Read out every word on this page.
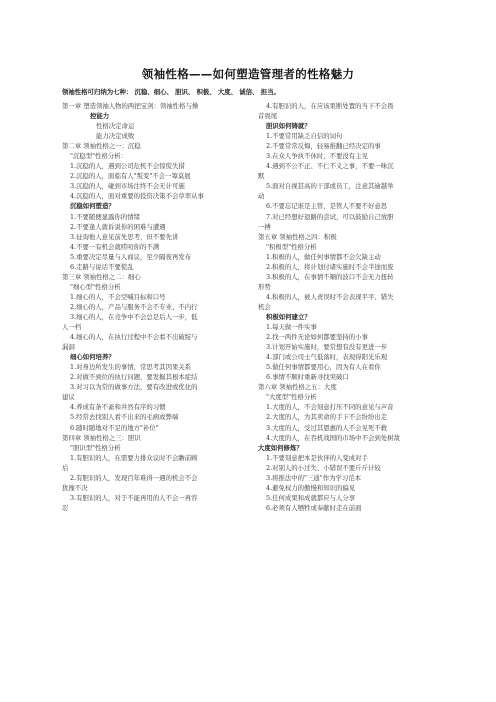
领袖性格——如何塑造管理者的性格魅力
领袖性格可归纳为七种： 沉稳、细心、 胆识、 积极、 大度、 诚信、 担当。
第一章 塑造领袖人物的两把宝剑：领袖性格与操
控能力
性格决定命运
能力决定成败
第二章 领袖性格之一：沉稳
"沉稳型"性格分析：
1.沉稳的人，遇到公司危机不会惊慌失措
2.沉稳的人，面临有人"叛变"不会一筹莫展
3.沉稳的人，碰到市场注终不会无计可施
4.沉稳的人，面对重要的投资决策不会草率从事
沉稳如何塑造？
1.不要随便显露你的情绪
2.不要逢人就诉说你的困难与遭遇
3.征询他人意见前先思考，但不要先讲
4.不要一有机会就唠叨你的不满
5.重要决定尽量与人商议，至少隔夜再发布
6.走路与说话不要慌乱
第三章 领袖性格之二：细心
"细心型"性格分析
1.细心的人，不会空喊目标和口号
2.细心的人，产品与服务不会不专业、不内行
3.细心的人，在竞争中不会总是后人一步，低
人一档
4.细心的人，在执行过程中不会看不出破绽与
漏洞
细心如何培养？
1.对身边所发生的事情，常思考其因果关系
2.对做不到位的执行问题，要发掘其根本症结
3.对习以为常的做事方法，要有改进或优化的
建议
4.养成有条不紊和井然有序的习惯
5.经常去找别人看不出来的毛病或弊端
6.随时随地对不足的地方"补位"
第四章 领袖性格之三：胆识
"胆识型"性格分析
1.有胆识的人，在需要力排众议时不会瞻前顾
后
2.有胆识的人，发现百年难得一遇的机会不会
犹豫不决
3.有胆识的人，对于不能再用的人不会一再容
忍
4.有胆识的人，在应该果断处置的当下不会畏
首畏尾
胆识如何铸就？
1.不要常用缺乏自信的词句
2.不要常常反悔，轻易推翻已经决定的事
3.在众人争执不休时，不要没有主见
4.遇到不公不正、不仁不义之事，不要一味沉
默
5.面对自视甚高的干部或员工，注意其逾越举
动
6.不要忘记谁是主管，是管人不要不好意思
7.对已经想好退路的尝试，可以鼓励自己放胆
一搏
第五章 领袖性格之四：积极
"积极型"性格分析
1.积极的人，做任何事情都不会欠缺主动
2.积极的人，将计划付诸实施时不会半途而废
3.积极的人，在事情不顺的波口不会无力扭转
形势
4.积极的人，被人责误时不会表现平平、错失
机会
积极如何建立？
1.每天做一件实事
2.找一两件无论如何都要坚持的小事
3.计划开始实施时，要常想有没有更进一步
4.部门或公司士气低落时，表现得阳光乐观
5.做任何事情都要用心，因为有人在看你
6.事情不顺时重新寻找突破口
第六章 领袖性格之五：大度
"大度型"性格分析
1.大度的人，不会刻意打压不同的意见与声音
2.大度的人，为其卖命的手下不会纷纷出走
3.大度的人，受过其恩惠的人不会见死不救
4.大度的人，在吞机战国的市场中不会到处树敌
大度如何修炼？
1.不要刻意把本是伙伴的人变成对手
2.对别人的小过失、小错误不要斤斤计较
3.将推法中的"三通"作为学习范本
4.避免权力的傲慢和知识的偏见
5.任何成果和成就都应与人分享
6.必须有人牺牲或奉献时走在前面
